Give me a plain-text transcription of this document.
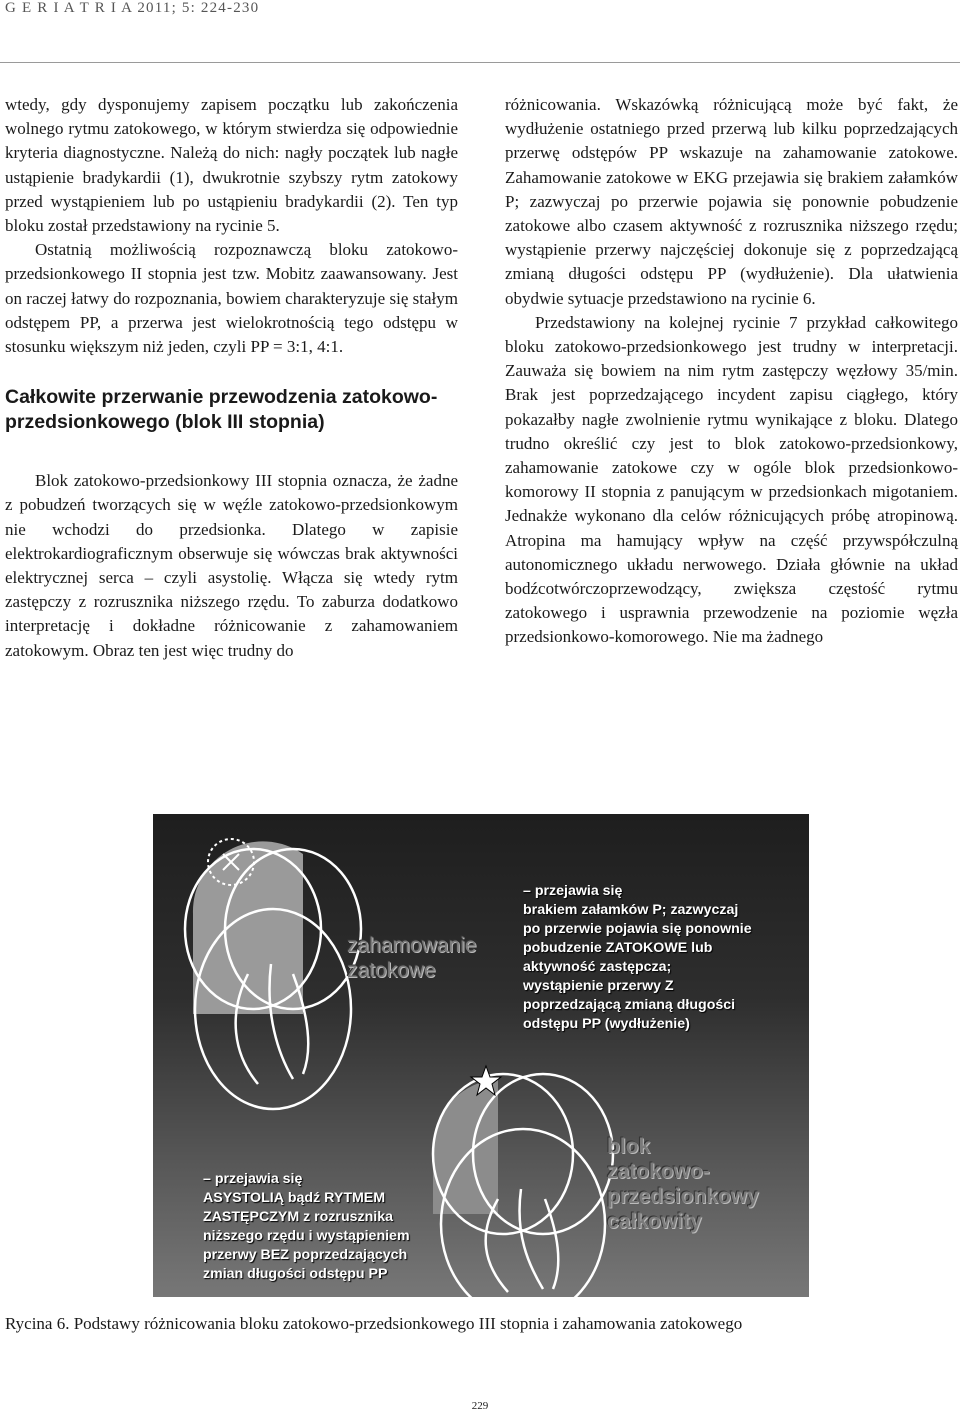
G E R I A T R I A 2011; 5: 224-230

wtedy, gdy dysponujemy zapisem początku lub zakończenia wolnego rytmu zatokowego, w którym stwierdza się odpowiednie kryteria diagnostyczne. Należą do nich: nagły początek lub nagłe ustąpienie bradykardii (1), dwukrotnie szybszy rytm zatokowy przed wystąpieniem lub po ustąpieniu bradykardii (2). Ten typ bloku został przedstawiony na rycinie 5.

Ostatnią możliwością rozpoznawczą bloku zatokowo-przedsionkowego II stopnia jest tzw. Mobitz zaawansowany. Jest on raczej łatwy do rozpoznania, bowiem charakteryzuje się stałym odstępem PP, a przerwa jest wielokrotnością tego odstępu w stosunku większym niż jeden, czyli PP = 3:1, 4:1.

Całkowite przerwanie przewodzenia zatokowo-przedsionkowego (blok III stopnia)

Blok zatokowo-przedsionkowy III stopnia oznacza, że żadne z pobudzeń tworzących się w węźle zatokowo-przedsionkowym nie wchodzi do przedsionka. Dlatego w zapisie elektrokardiograficznym obserwuje się wówczas brak aktywności elektrycznej serca – czyli asystolię. Włącza się wtedy rytm zastępczy z rozrusznika niższego rzędu. To zaburza dodatkowo interpretację i dokładne różnicowanie z zahamowaniem zatokowym. Obraz ten jest więc trudny do

różnicowania. Wskazówką różnicującą może być fakt, że wydłużenie ostatniego przed przerwą lub kilku poprzedzających przerwę odstępów PP wskazuje na zahamowanie zatokowe. Zahamowanie zatokowe w EKG przejawia się brakiem załamków P; zazwyczaj po przerwie pojawia się ponownie pobudzenie zatokowe albo czasem aktywność z rozrusznika niższego rzędu; wystąpienie przerwy najczęściej dokonuje się z poprzedzającą zmianą długości odstępu PP (wydłużenie). Dla ułatwienia obydwie sytuacje przedstawiono na rycinie 6.

Przedstawiony na kolejnej rycinie 7 przykład całkowitego bloku zatokowo-przedsionkowego jest trudny w interpretacji. Zauważa się bowiem na nim rytm zastępczy węzłowy 35/min. Brak jest poprzedzającego incydent zapisu ciągłego, który pokazałby nagłe zwolnienie rytmu wynikające z bloku. Dlatego trudno określić czy jest to blok zatokowo-przedsionkowy, zahamowanie zatokowe czy w ogóle blok przedsionkowo-komorowy II stopnia z panującym w przedsionkach migotaniem. Jednakże wykonano dla celów różnicujących próbę atropinową. Atropina ma hamujący wpływ na część przywspółczulną autonomicznego układu nerwowego. Działa głównie na układ bodźcotwórczoprzewodzący, zwiększa częstość rytmu zatokowego i usprawnia przewodzenie na poziomie węzła przedsionkowo-komorowego. Nie ma żadnego

zahamowanie
zatokowe
– przejawia się
brakiem załamków P; zazwyczaj
po przerwie pojawia się ponownie
pobudzenie ZATOKOWE lub
aktywność zastępcza;
wystąpienie przerwy Z
poprzedzającą zmianą długości
odstępu PP (wydłużenie)
blok
zatokowo-
przedsionkowy
całkowity
– przejawia się
ASYSTOLIĄ bądź RYTMEM
ZASTĘPCZYM z rozrusznika
niższego rzędu i wystąpieniem
przerwy BEZ poprzedzających
zmian długości odstępu PP
Rycina 6. Podstawy różnicowania bloku zatokowo-przedsionkowego III stopnia i zahamowania zatokowego
229
